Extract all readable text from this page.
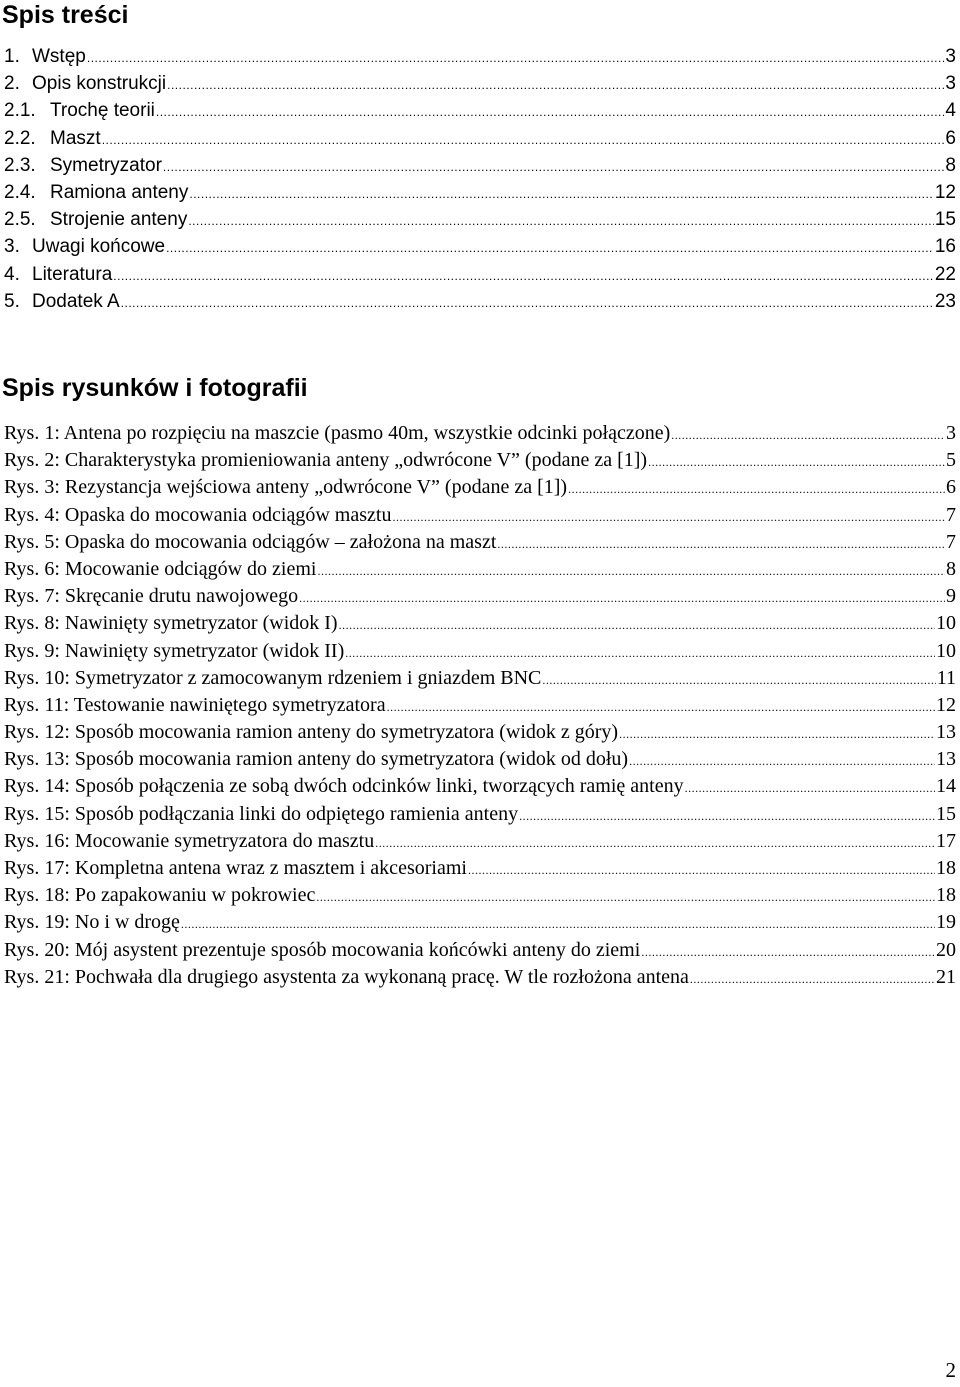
Spis treści
1. Wstęp .....	3
2. Opis konstrukcji .....	3
2.1. Trochę teorii .....	4
2.2. Maszt .....	6
2.3. Symetryzator .....	8
2.4. Ramiona anteny .....	12
2.5. Strojenie anteny .....	15
3. Uwagi końcowe .....	16
4. Literatura .....	22
5. Dodatek A .....	23
Spis rysunków i fotografii
Rys. 1: Antena po rozpięciu na maszcie (pasmo 40m, wszystkie odcinki połączone) .....	3
Rys. 2: Charakterystyka promieniowania anteny „odwrócone V” (podane za [1]) .....	5
Rys. 3: Rezystancja wejściowa anteny „odwrócone V” (podane za [1]) .....	6
Rys. 4: Opaska do mocowania odciągów masztu .....	7
Rys. 5: Opaska do mocowania odciągów – założona na maszt .....	7
Rys. 6: Mocowanie odciągów do ziemi .....	8
Rys. 7: Skręcanie drutu nawojowego .....	9
Rys. 8: Nawinięty symetryzator (widok I) .....	10
Rys. 9: Nawinięty symetryzator (widok II) .....	10
Rys. 10: Symetryzator z zamocowanym rdzeniem i gniazdem BNC .....	11
Rys. 11: Testowanie nawiniętego symetryzatora .....	12
Rys. 12: Sposób mocowania ramion anteny do symetryzatora (widok z góry) .....	13
Rys. 13: Sposób mocowania ramion anteny do symetryzatora (widok od dołu) .....	13
Rys. 14: Sposób połączenia ze sobą dwóch odcinków linki, tworzących ramię anteny .....	14
Rys. 15: Sposób podłączania linki do odpiętego ramienia anteny .....	15
Rys. 16: Mocowanie symetryzatora do masztu .....	17
Rys. 17: Kompletna antena wraz z masztem i akcesoriami .....	18
Rys. 18: Po zapakowaniu w pokrowiec .....	18
Rys. 19: No i w drogę .....	19
Rys. 20: Mój asystent prezentuje sposób mocowania końcówki anteny do ziemi .....	20
Rys. 21: Pochwała dla drugiego asystenta za wykonaną pracę. W tle rozłożona antena .....	21
2
